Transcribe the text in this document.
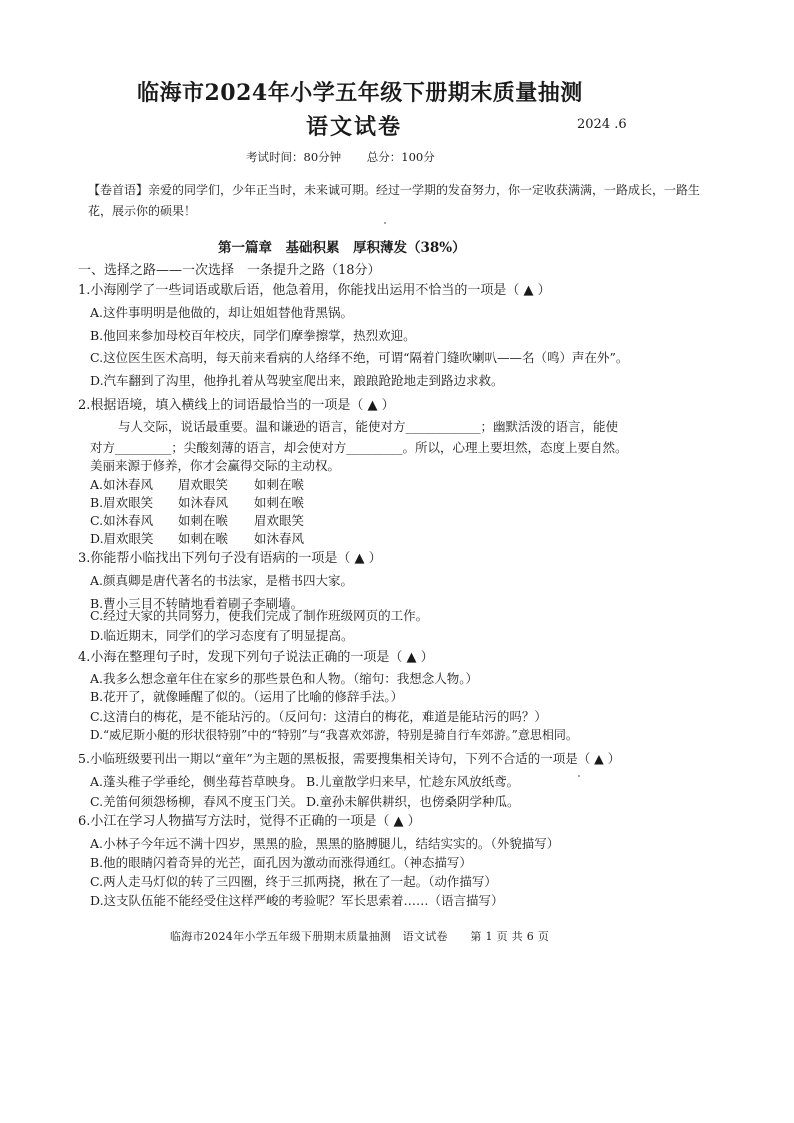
临海市2024年小学五年级下册期末质量抽测
语文试卷	2024 .6
考试时间：80分钟 总分：100分
【卷首语】亲爱的同学们，少年正当时，未来诚可期。经过一学期的发奋努力，你一定收获满满，一路成长，一路生花，展示你的硕果！
第一篇章　基础积累　厚积薄发（38%）
一、选择之路——一次选择　一条提升之路（18分）
1.小海刚学了一些词语或歇后语，他急着用，你能找出运用不恰当的一项是（ ▲ ）
A.这件事明明是他做的，却让姐姐替他背黑锅。
B.他回来参加母校百年校庆，同学们摩拳擦掌，热烈欢迎。
C.这位医生医术高明，每天前来看病的人络绎不绝，可谓“隔着门缝吹喇叭——名（鸣）声在外”。
D.汽车翻到了沟里，他挣扎着从驾驶室爬出来，踉踉跄跄地走到路边求救。
2.根据语境，填入横线上的词语最恰当的一项是（ ▲ ）
与人交际，说话最重要。温和谦逊的语言，能使对方____________；幽默活泼的语言，能使
对方_________；尖酸刻薄的语言，却会使对方_________。所以，心理上要坦然，态度上要自然。
美丽来源于修养，你才会赢得交际的主动权。
A.如沐春风 眉欢眼笑 如刺在喉
B.眉欢眼笑 如沐春风 如刺在喉
C.如沐春风 如刺在喉 眉欢眼笑
D.眉欢眼笑 如刺在喉 如沐春风
3.你能帮小临找出下列句子没有语病的一项是（ ▲ ）
A.颜真卿是唐代著名的书法家，是楷书四大家。
B.曹小三目不转睛地看着刷子李刷墙。
C.经过大家的共同努力，使我们完成了制作班级网页的工作。
D.临近期末，同学们的学习态度有了明显提高。
4.小海在整理句子时，发现下列句子说法正确的一项是（ ▲ ）
A.我多么想念童年住在家乡的那些景色和人物。（缩句：我想念人物。）
B.花开了，就像睡醒了似的。（运用了比喻的修辞手法。）
C.这清白的梅花，是不能玷污的。（反问句：这清白的梅花，难道是能玷污的吗？）
D.“威尼斯小艇的形状很特别”中的“特别”与“我喜欢郊游，特别是骑自行车郊游。”意思相同。
5.小临班级要刊出一期以“童年”为主题的黑板报，需要搜集相关诗句，下列不合适的一项是（ ▲ ）
A.蓬头稚子学垂纶，侧坐莓苔草映身。 B.儿童散学归来早，忙趁东风放纸鸢。
C.羌笛何须怨杨柳，春风不度玉门关。 D.童孙未解供耕织，也傍桑阴学种瓜。
6.小江在学习人物描写方法时，觉得不正确的一项是（ ▲ ）
A.小林子今年远不满十四岁，黑黑的脸，黑黑的胳膊腿儿，结结实实的。（外貌描写）
B.他的眼睛闪着奇异的光芒，面孔因为激动而涨得通红。（神态描写）
C.两人走马灯似的转了三四圈，终于三抓两挠，揪在了一起。（动作描写）
D.这支队伍能不能经受住这样严峻的考验呢？军长思索着……（语言描写）
临海市2024年小学五年级下册期末质量抽测　语文试卷　　第 1 页 共 6 页
